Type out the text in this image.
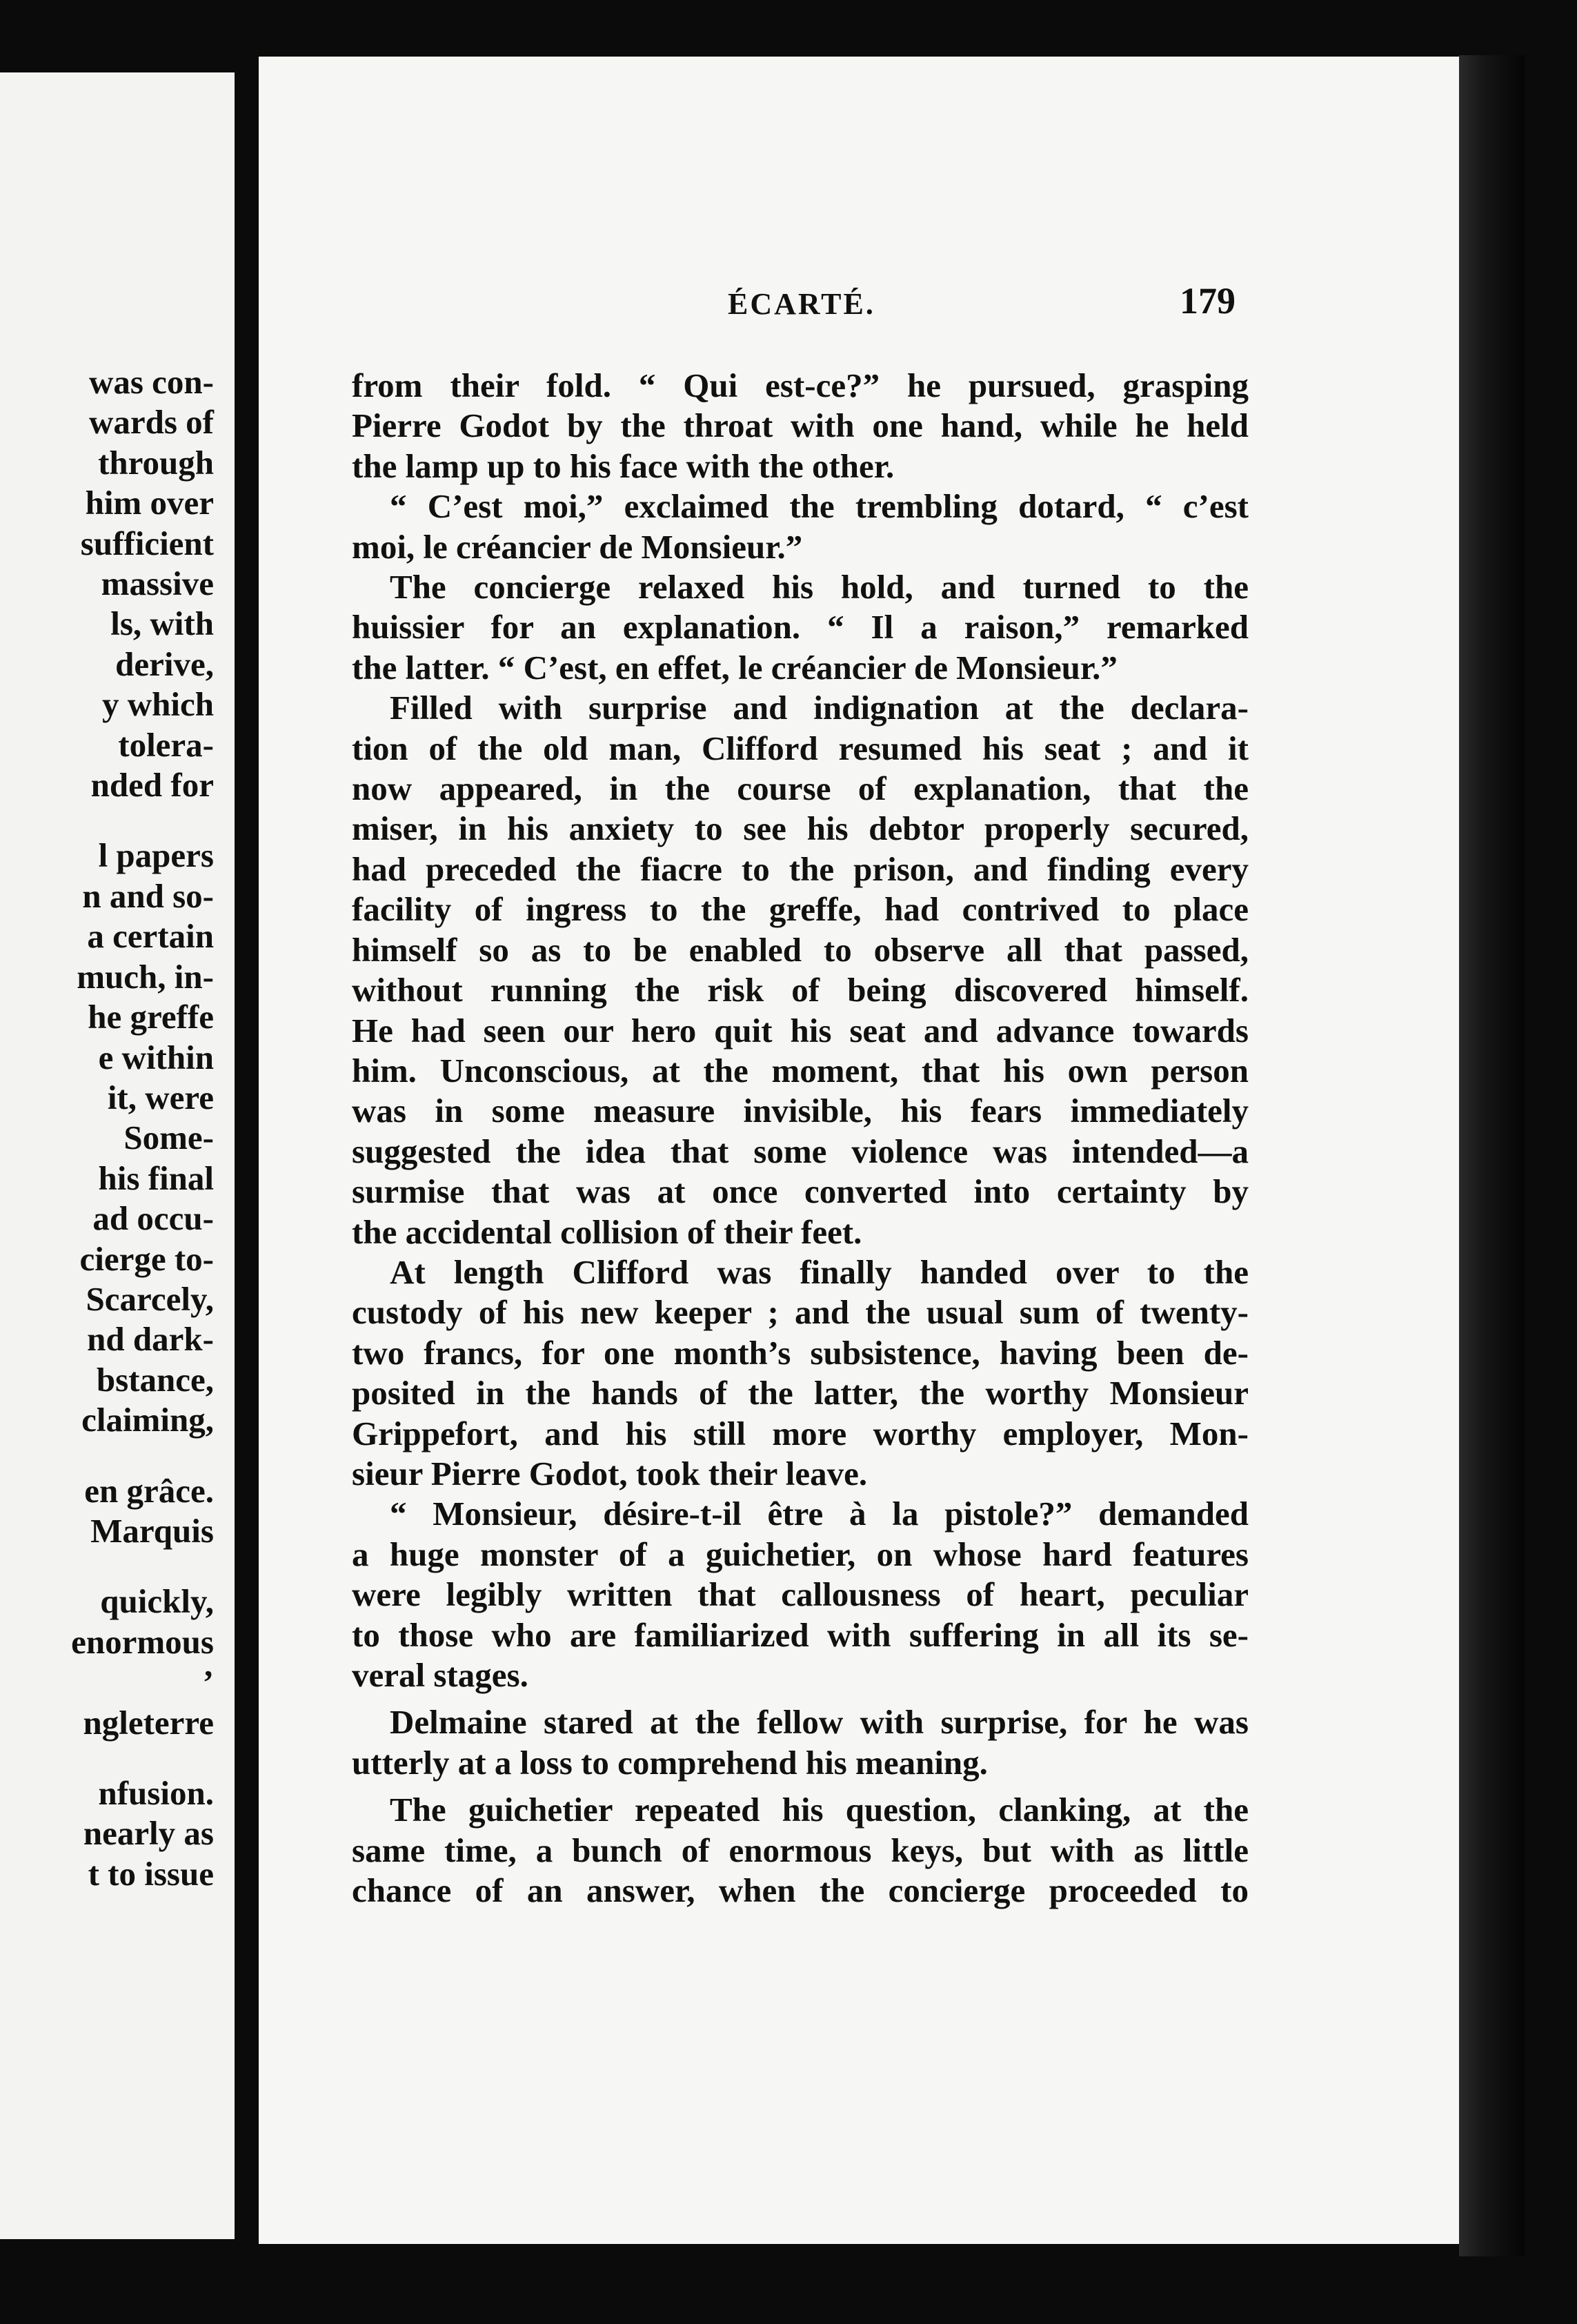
was con-
wards of
through
him over
sufficient
massive
ls, with
derive,
y which
tolera-
nded for
l papers
n and so-
a certain
much, in-
he greffe
e within
it, were
Some-
his final
ad occu-
cierge to-
Scarcely,
nd dark-
bstance,
claiming,
en grâce.
Marquis
quickly,
enormous
’
ngleterre
nfusion.
nearly as
t to issue
ÉCARTÉ.	179
from their fold. “ Qui est-ce?” he pursued, grasping
Pierre Godot by the throat with one hand, while he held
the lamp up to his face with the other.
“ C’est moi,” exclaimed the trembling dotard, “ c’est
moi, le créancier de Monsieur.”
The concierge relaxed his hold, and turned to the
huissier for an explanation. “ Il a raison,” remarked
the latter. “ C’est, en effet, le créancier de Monsieur.”
Filled with surprise and indignation at the declara-
tion of the old man, Clifford resumed his seat ; and it
now appeared, in the course of explanation, that the
miser, in his anxiety to see his debtor properly secured,
had preceded the fiacre to the prison, and finding every
facility of ingress to the greffe, had contrived to place
himself so as to be enabled to observe all that passed,
without running the risk of being discovered himself.
He had seen our hero quit his seat and advance towards
him. Unconscious, at the moment, that his own person
was in some measure invisible, his fears immediately
suggested the idea that some violence was intended—a
surmise that was at once converted into certainty by
the accidental collision of their feet.
At length Clifford was finally handed over to the
custody of his new keeper ; and the usual sum of twenty-
two francs, for one month’s subsistence, having been de-
posited in the hands of the latter, the worthy Monsieur
Grippefort, and his still more worthy employer, Mon-
sieur Pierre Godot, took their leave.
“ Monsieur, désire-t-il être à la pistole?” demanded
a huge monster of a guichetier, on whose hard features
were legibly written that callousness of heart, peculiar
to those who are familiarized with suffering in all its se-
veral stages.
Delmaine stared at the fellow with surprise, for he was
utterly at a loss to comprehend his meaning.
The guichetier repeated his question, clanking, at the
same time, a bunch of enormous keys, but with as little
chance of an answer, when the concierge proceeded to
